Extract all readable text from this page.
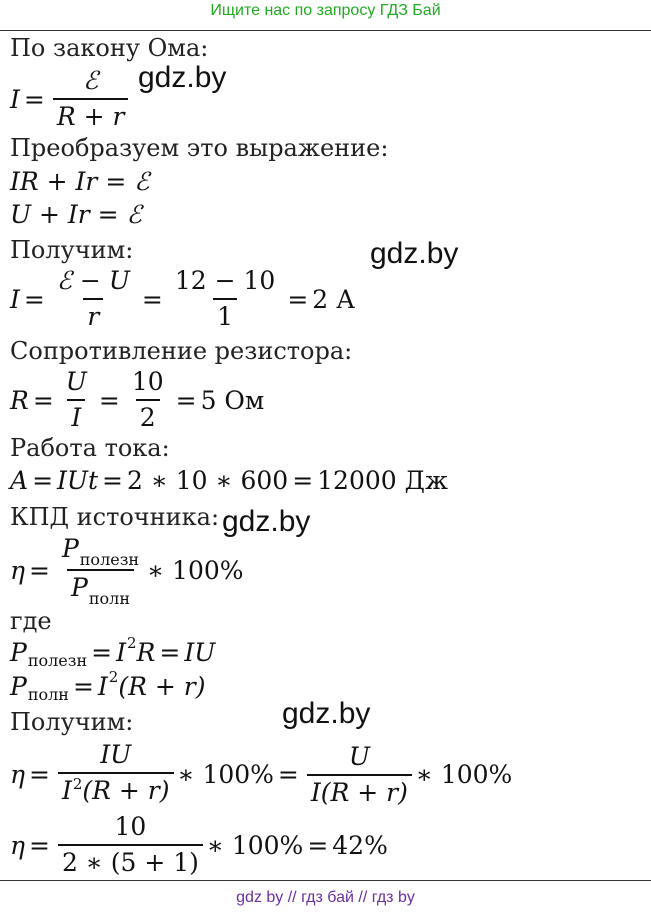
Ищите нас по запросу ГДЗ Бай
По закону Ома:
Преобразуем это выражение:
Получим:
Сопротивление резистора:
Работа тока:
КПД источника:
где
Получим:
$I = \frac{\text{ℰ}}{R + r}$
IR + Ir = ℰ
U + Ir = ℰ
$I = \frac{\text{ℰ − U}}{r} = \frac{12 - 10}{1} = 2$ А
$R = \frac{U}{I} = \frac{10}{2} = 5$ Ом
A = IUt = 2 ∗ 10 ∗ 600 = 12000 Дж
$\eta = \frac{P_{полезн}}{P_{полн}}$ ∗ 100%
P полезн = I 2 R = IU
P полн = I 2 (R + r)
$\eta = \frac{IU}{I^2(R + r)}$ ∗ $100\% = \frac{U}{I(R + r)}$ ∗ 100%
$\eta = \frac{10}{2 ∗ (5 + 1)}$ ∗ 100% = 42%
gdz.by
gdz.by
gdz.by
gdz.by
gdz by // гдз бай // гдз by
